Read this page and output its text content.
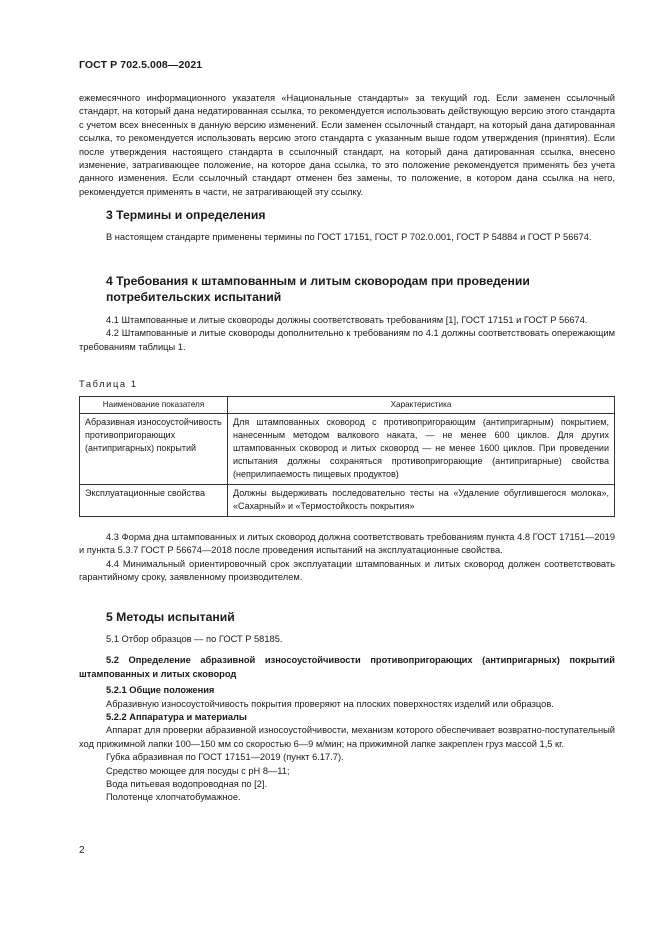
ГОСТ Р 702.5.008—2021

ежемесячного информационного указателя «Национальные стандарты» за текущий год. Если заменен ссылочный стандарт, на который дана недатированная ссылка, то рекомендуется использовать действующую версию этого стандарта с учетом всех внесенных в данную версию изменений. Если заменен ссылочный стандарт, на который дана датированная ссылка, то рекомендуется использовать версию этого стандарта с указанным выше годом утверждения (принятия). Если после утверждения настоящего стандарта в ссылочный стандарт, на который дана датированная ссылка, внесено изменение, затрагивающее положение, на которое дана ссылка, то это положение рекомендуется применять без учета данного изменения. Если ссылочный стандарт отменен без замены, то положение, в котором дана ссылка на него, рекомендуется применять в части, не затрагивающей эту ссылку.

3 Термины и определения

В настоящем стандарте применены термины по ГОСТ 17151, ГОСТ Р 702.0.001, ГОСТ Р 54884 и ГОСТ Р 56674.

4 Требования к штампованным и литым сковородам при проведении потребительских испытаний

4.1 Штампованные и литые сковороды должны соответствовать требованиям [1], ГОСТ 17151 и ГОСТ Р 56674.

4.2 Штампованные и литые сковороды дополнительно к требованиям по 4.1 должны соответствовать опережающим требованиям таблицы 1.

Таблица 1
Наименование показателя	Характеристика
Абразивная износоустойчивость противопригорающих (антипригарных) покрытий	Для штампованных сковород с противопригорающим (антипригарным) покрытием, нанесенным методом валкового наката, — не менее 600 циклов. Для других штампованных сковород и литых сковород — не менее 1600 циклов. При проведении испытания должны сохраняться противопригорающие (антипригарные) свойства (неприлипаемость пищевых продуктов)
Эксплуатационные свойства	Должны выдерживать последовательно тесты на «Удаление обуглившегося молока», «Сахарный» и «Термостойкость покрытия»

4.3 Форма дна штампованных и литых сковород должна соответствовать требованиям пункта 4.8 ГОСТ 17151—2019 и пункта 5.3.7 ГОСТ Р 56674—2018 после проведения испытаний на эксплуатационные свойства.

4.4 Минимальный ориентировочный срок эксплуатации штампованных и литых сковород должен соответствовать гарантийному сроку, заявленному производителем.

5 Методы испытаний

5.1 Отбор образцов — по ГОСТ Р 58185.

5.2 Определение абразивной износоустойчивости противопригорающих (антипригарных) покрытий штампованных и литых сковород

5.2.1 Общие положения

Абразивную износоустойчивость покрытия проверяют на плоских поверхностях изделий или образцов.

5.2.2 Аппаратура и материалы

Аппарат для проверки абразивной износоустойчивости, механизм которого обеспечивает возвратно-поступательный ход прижимной лапки 100—150 мм со скоростью 6—9 м/мин; на прижимной лапке закреплен груз массой 1,5 кг.

Губка абразивная по ГОСТ 17151—2019 (пункт 6.17.7).

Средство моющее для посуды с pH 8—11;

Вода питьевая водопроводная по [2].

Полотенце хлопчатобумажное.

2
